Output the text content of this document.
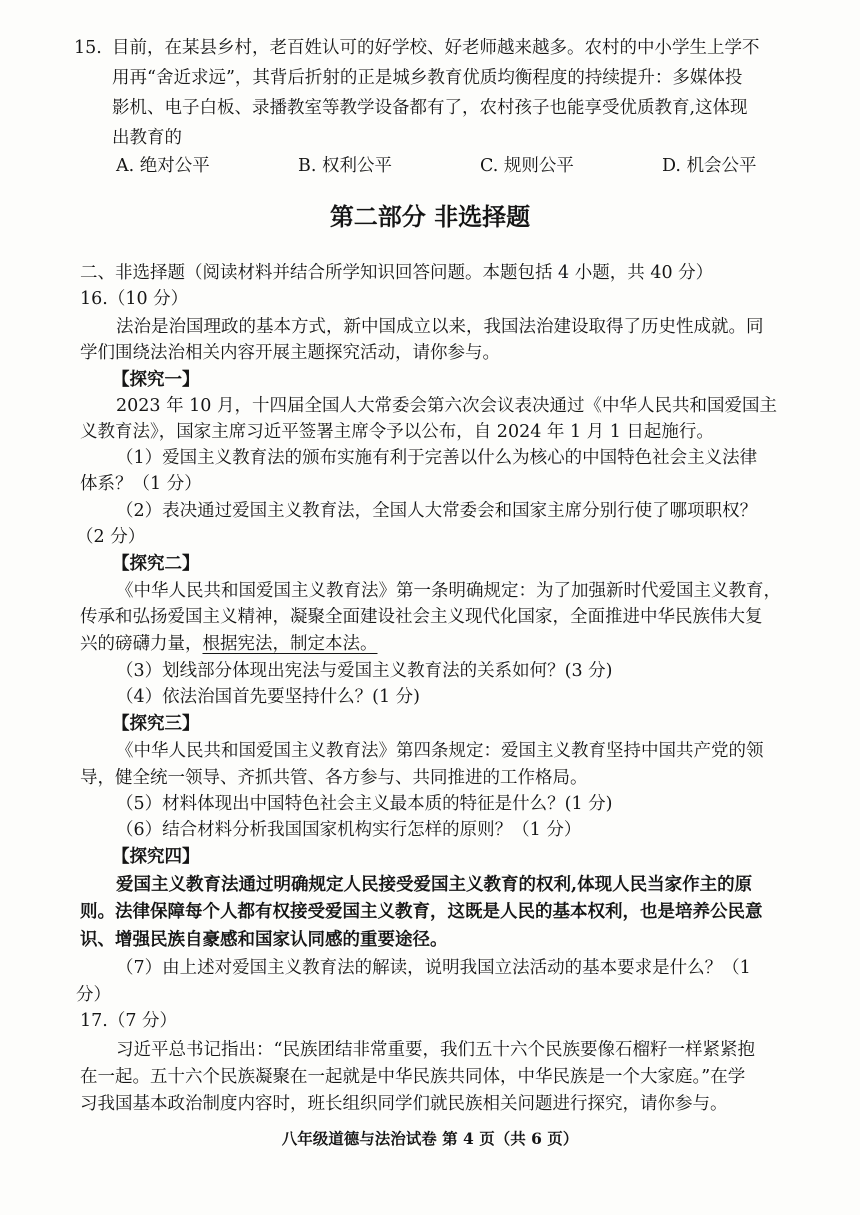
15. 目前，在某县乡村，老百姓认可的好学校、好老师越来越多。农村的中小学生上学不
用再“舍近求远”，其背后折射的正是城乡教育优质均衡程度的持续提升：多媒体投
影机、电子白板、录播教室等教学设备都有了，农村孩子也能享受优质教育,这体现
出教育的
A. 绝对公平	B. 权利公平	C. 规则公平	D. 机会公平
第二部分 非选择题
二、非选择题（阅读材料并结合所学知识回答问题。本题包括 4 小题，共 40 分）
16.（10 分）
法治是治国理政的基本方式，新中国成立以来，我国法治建设取得了历史性成就。同
学们围绕法治相关内容开展主题探究活动，请你参与。
【探究一】
2023 年 10 月，十四届全国人大常委会第六次会议表决通过《中华人民共和国爱国主
义教育法》，国家主席习近平签署主席令予以公布，自 2024 年 1 月 1 日起施行。
（1）爱国主义教育法的颁布实施有利于完善以什么为核心的中国特色社会主义法律
体系？（1 分）
（2）表决通过爱国主义教育法，全国人大常委会和国家主席分别行使了哪项职权？
（2 分）
【探究二】
《中华人民共和国爱国主义教育法》第一条明确规定：为了加强新时代爱国主义教育，
传承和弘扬爱国主义精神，凝聚全面建设社会主义现代化国家，全面推进中华民族伟大复
兴的磅礴力量，根据宪法，制定本法。
（3）划线部分体现出宪法与爱国主义教育法的关系如何？(3 分)
（4）依法治国首先要坚持什么？(1 分)
【探究三】
《中华人民共和国爱国主义教育法》第四条规定：爱国主义教育坚持中国共产党的领
导，健全统一领导、齐抓共管、各方参与、共同推进的工作格局。
（5）材料体现出中国特色社会主义最本质的特征是什么？(1 分)
（6）结合材料分析我国国家机构实行怎样的原则？（1 分）
【探究四】
爱国主义教育法通过明确规定人民接受爱国主义教育的权利,体现人民当家作主的原
则。法律保障每个人都有权接受爱国主义教育，这既是人民的基本权利，也是培养公民意
识、增强民族自豪感和国家认同感的重要途径。
（7）由上述对爱国主义教育法的解读，说明我国立法活动的基本要求是什么？（1
分）
17.（7 分）
习近平总书记指出：“民族团结非常重要，我们五十六个民族要像石榴籽一样紧紧抱
在一起。五十六个民族凝聚在一起就是中华民族共同体，中华民族是一个大家庭。”在学
习我国基本政治制度内容时，班长组织同学们就民族相关问题进行探究，请你参与。
八年级道德与法治试卷 第 4 页（共 6 页）
